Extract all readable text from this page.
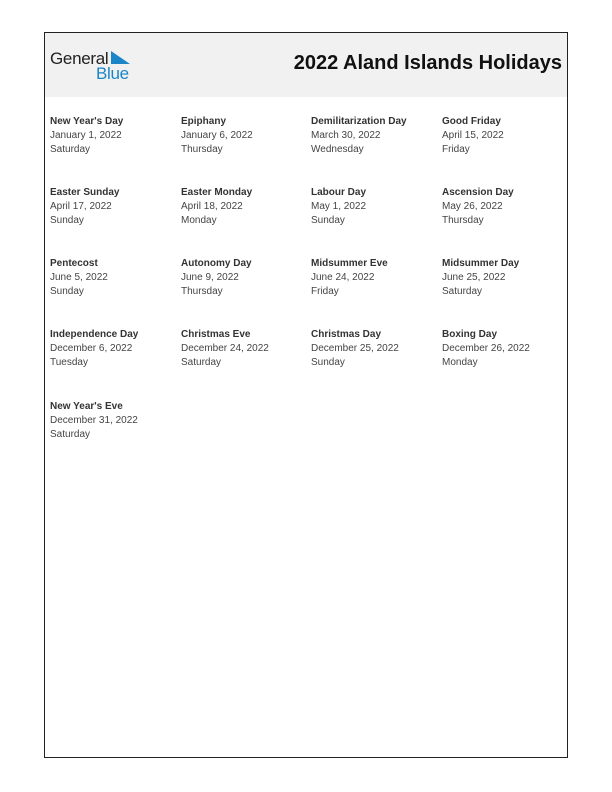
General
Blue	2022 Aland Islands Holidays
New Year's Day
January 1, 2022
Saturday
Epiphany
January 6, 2022
Thursday
Demilitarization Day
March 30, 2022
Wednesday
Good Friday
April 15, 2022
Friday
Easter Sunday
April 17, 2022
Sunday
Easter Monday
April 18, 2022
Monday
Labour Day
May 1, 2022
Sunday
Ascension Day
May 26, 2022
Thursday
Pentecost
June 5, 2022
Sunday
Autonomy Day
June 9, 2022
Thursday
Midsummer Eve
June 24, 2022
Friday
Midsummer Day
June 25, 2022
Saturday
Independence Day
December 6, 2022
Tuesday
Christmas Eve
December 24, 2022
Saturday
Christmas Day
December 25, 2022
Sunday
Boxing Day
December 26, 2022
Monday
New Year's Eve
December 31, 2022
Saturday
